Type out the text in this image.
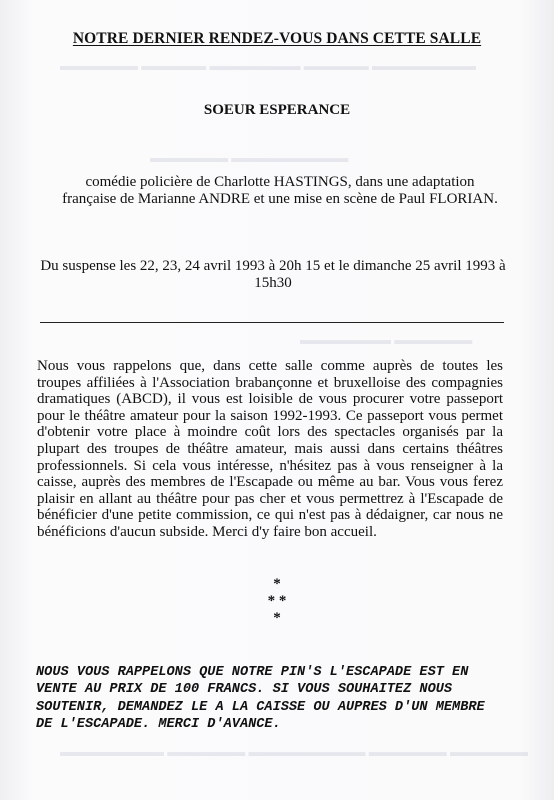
▬▬▬▬▬▬ ▬▬▬▬▬ ▬▬▬▬▬▬▬ ▬▬▬▬▬ ▬▬▬▬▬▬▬▬
▬▬▬▬▬▬ ▬▬▬▬▬▬▬▬▬
▬▬▬▬▬▬▬ ▬▬▬▬▬▬
▬▬▬▬▬▬▬▬ ▬▬▬▬▬▬ ▬▬▬▬▬▬▬▬▬ ▬▬▬▬▬▬ ▬▬▬▬▬▬
NOTRE DERNIER RENDEZ-VOUS DANS CETTE SALLE
SOEUR ESPERANCE
comédie policière de Charlotte HASTINGS, dans une adaptation française de Marianne ANDRE et une mise en scène de Paul FLORIAN.
Du suspense les 22, 23, 24 avril 1993 à 20h 15 et le dimanche 25 avril 1993 à 15h30
Nous vous rappelons que, dans cette salle comme auprès de toutes les troupes affiliées à l'Association brabançonne et bruxelloise des compagnies dramatiques (ABCD), il vous est loisible de vous procurer votre passeport pour le théâtre amateur pour la saison 1992-1993. Ce passeport vous permet d'obtenir votre place à moindre coût lors des spectacles organisés par la plupart des troupes de théâtre amateur, mais aussi dans certains théâtres professionnels. Si cela vous intéresse, n'hésitez pas à vous renseigner à la caisse, auprès des membres de l'Escapade ou même au bar. Vous vous ferez plaisir en allant au théâtre pour pas cher et vous permettrez à l'Escapade de bénéficier d'une petite commission, ce qui n'est pas à dédaigner, car nous ne bénéficions d'aucun subside. Merci d'y faire bon accueil.
*
* *
*
NOUS VOUS RAPPELONS QUE NOTRE PIN'S L'ESCAPADE EST EN VENTE AU PRIX DE 100 FRANCS. SI VOUS SOUHAITEZ NOUS SOUTENIR, DEMANDEZ LE A LA CAISSE OU AUPRES D'UN MEMBRE DE L'ESCAPADE. MERCI D'AVANCE.
